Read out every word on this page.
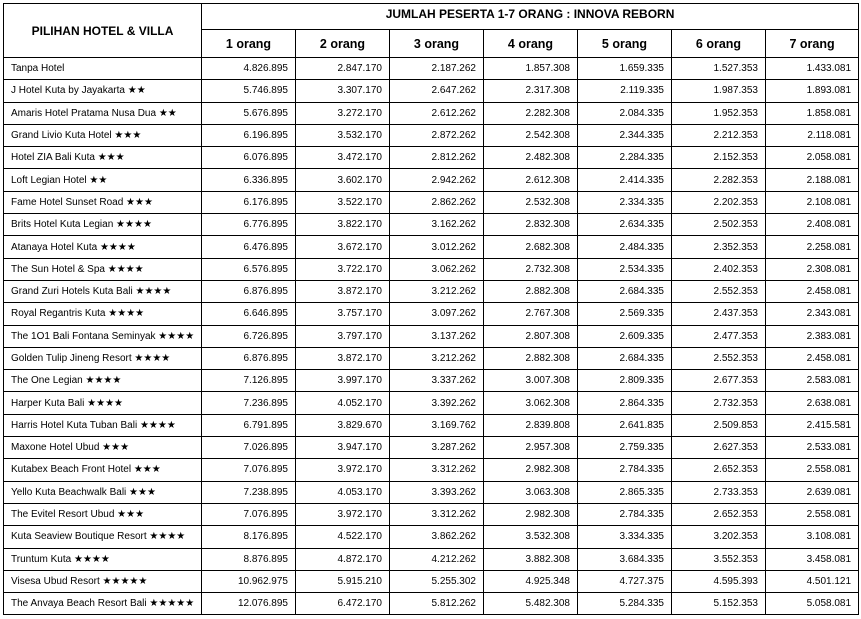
PILIHAN HOTEL & VILLA	JUMLAH PESERTA 1-7 ORANG : INNOVA REBORN						
	1 orang	2 orang	3 orang	4 orang	5 orang	6 orang	7 orang
Tanpa Hotel	4.826.895	2.847.170	2.187.262	1.857.308	1.659.335	1.527.353	1.433.081
J Hotel Kuta by Jayakarta ★★	5.746.895	3.307.170	2.647.262	2.317.308	2.119.335	1.987.353	1.893.081
Amaris Hotel Pratama Nusa Dua ★★	5.676.895	3.272.170	2.612.262	2.282.308	2.084.335	1.952.353	1.858.081
Grand Livio Kuta Hotel ★★★	6.196.895	3.532.170	2.872.262	2.542.308	2.344.335	2.212.353	2.118.081
Hotel ZIA Bali Kuta ★★★	6.076.895	3.472.170	2.812.262	2.482.308	2.284.335	2.152.353	2.058.081
Loft Legian Hotel ★★	6.336.895	3.602.170	2.942.262	2.612.308	2.414.335	2.282.353	2.188.081
Fame Hotel Sunset Road ★★★	6.176.895	3.522.170	2.862.262	2.532.308	2.334.335	2.202.353	2.108.081
Brits Hotel Kuta Legian ★★★★	6.776.895	3.822.170	3.162.262	2.832.308	2.634.335	2.502.353	2.408.081
Atanaya Hotel Kuta ★★★★	6.476.895	3.672.170	3.012.262	2.682.308	2.484.335	2.352.353	2.258.081
The Sun Hotel & Spa ★★★★	6.576.895	3.722.170	3.062.262	2.732.308	2.534.335	2.402.353	2.308.081
Grand Zuri Hotels Kuta Bali ★★★★	6.876.895	3.872.170	3.212.262	2.882.308	2.684.335	2.552.353	2.458.081
Royal Regantris Kuta ★★★★	6.646.895	3.757.170	3.097.262	2.767.308	2.569.335	2.437.353	2.343.081
The 1O1 Bali Fontana Seminyak ★★★★	6.726.895	3.797.170	3.137.262	2.807.308	2.609.335	2.477.353	2.383.081
Golden Tulip Jineng Resort ★★★★	6.876.895	3.872.170	3.212.262	2.882.308	2.684.335	2.552.353	2.458.081
The One Legian ★★★★	7.126.895	3.997.170	3.337.262	3.007.308	2.809.335	2.677.353	2.583.081
Harper Kuta Bali ★★★★	7.236.895	4.052.170	3.392.262	3.062.308	2.864.335	2.732.353	2.638.081
Harris Hotel Kuta Tuban Bali ★★★★	6.791.895	3.829.670	3.169.762	2.839.808	2.641.835	2.509.853	2.415.581
Maxone Hotel Ubud ★★★	7.026.895	3.947.170	3.287.262	2.957.308	2.759.335	2.627.353	2.533.081
Kutabex Beach Front Hotel ★★★	7.076.895	3.972.170	3.312.262	2.982.308	2.784.335	2.652.353	2.558.081
Yello Kuta Beachwalk Bali ★★★	7.238.895	4.053.170	3.393.262	3.063.308	2.865.335	2.733.353	2.639.081
The Evitel Resort Ubud ★★★	7.076.895	3.972.170	3.312.262	2.982.308	2.784.335	2.652.353	2.558.081
Kuta Seaview Boutique Resort ★★★★	8.176.895	4.522.170	3.862.262	3.532.308	3.334.335	3.202.353	3.108.081
Truntum Kuta ★★★★	8.876.895	4.872.170	4.212.262	3.882.308	3.684.335	3.552.353	3.458.081
Visesa Ubud Resort ★★★★★	10.962.975	5.915.210	5.255.302	4.925.348	4.727.375	4.595.393	4.501.121
The Anvaya Beach Resort Bali ★★★★★	12.076.895	6.472.170	5.812.262	5.482.308	5.284.335	5.152.353	5.058.081
